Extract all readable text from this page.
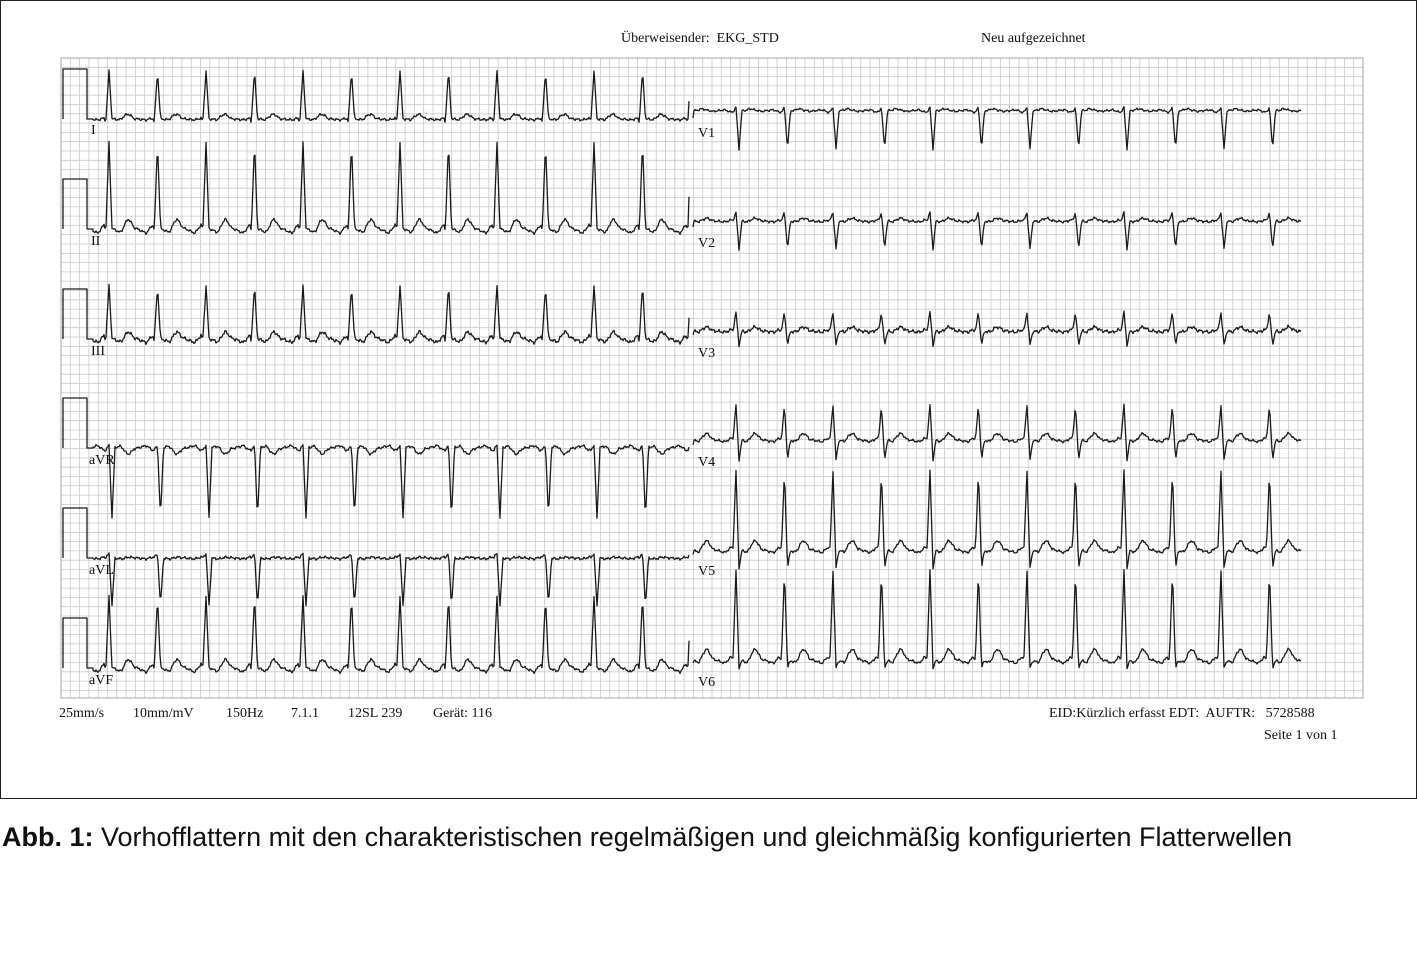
Überweisender:  EKG_STD	Neu aufgezeichnet
I
II
III
aVR
aVL
aVF
V1
V2
V3
V4
V5
V6
25mm/s 10mm/mV 150Hz 7.1.1 12SL 239 Gerät: 116	EID:Kürzlich erfasst EDT:  AUFTR:   5728588
Seite 1 von 1
Abb. 1: Vorhofflattern mit den charakteristischen regelmäßigen und gleichmäßig konfigurierten Flatterwellen
